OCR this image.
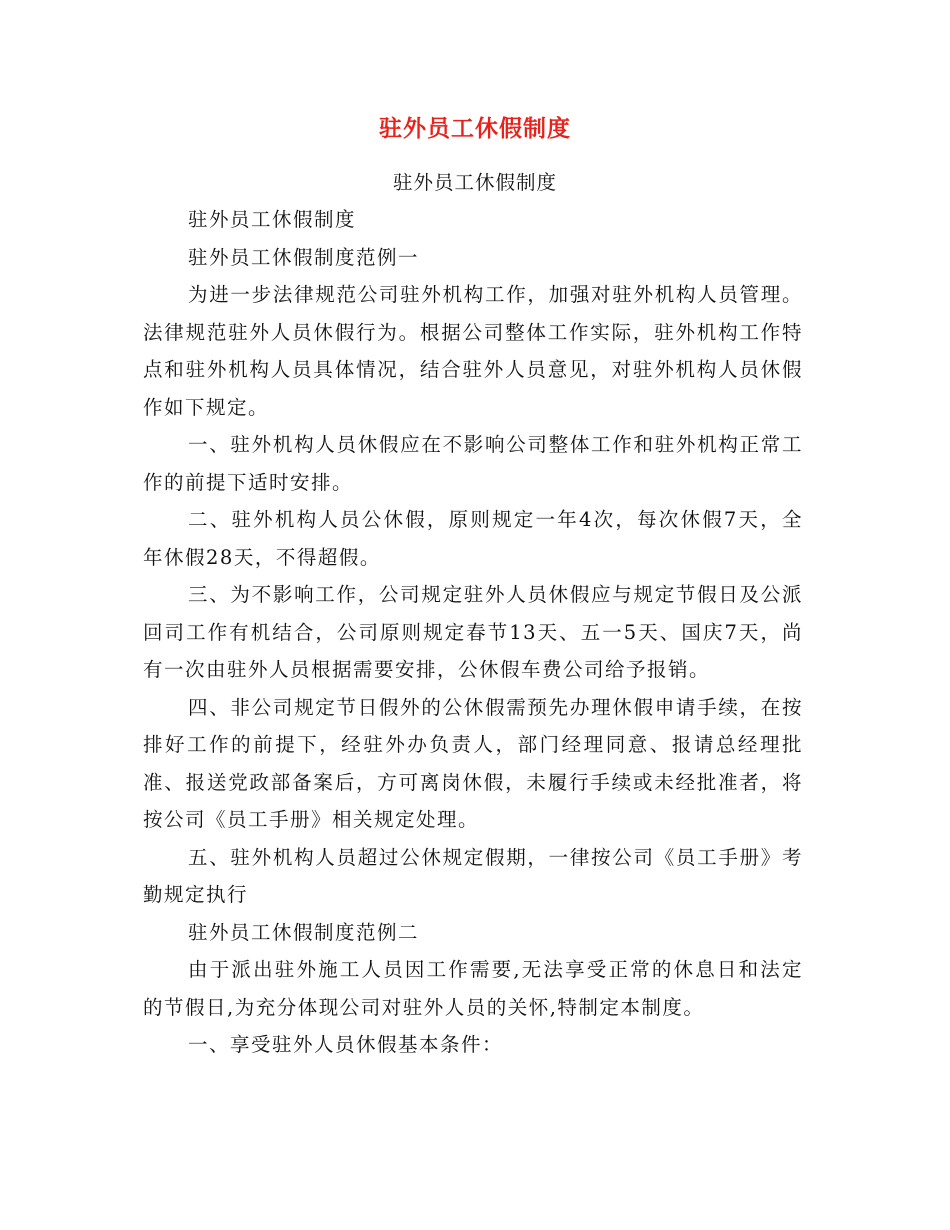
驻外员工休假制度
驻外员工休假制度

驻外员工休假制度

驻外员工休假制度范例一

为进一步法律规范公司驻外机构工作，加强对驻外机构人员管理。法律规范驻外人员休假行为。根据公司整体工作实际，驻外机构工作特点和驻外机构人员具体情况，结合驻外人员意见，对驻外机构人员休假作如下规定。

一、驻外机构人员休假应在不影响公司整体工作和驻外机构正常工作的前提下适时安排。

二、驻外机构人员公休假，原则规定一年4次，每次休假7天，全年休假28天，不得超假。

三、为不影响工作，公司规定驻外人员休假应与规定节假日及公派回司工作有机结合，公司原则规定春节13天、五一5天、国庆7天，尚有一次由驻外人员根据需要安排，公休假车费公司给予报销。

四、非公司规定节日假外的公休假需预先办理休假申请手续，在按排好工作的前提下，经驻外办负责人，部门经理同意、报请总经理批准、报送党政部备案后，方可离岗休假，未履行手续或未经批准者，将按公司《员工手册》相关规定处理。

五、驻外机构人员超过公休规定假期，一律按公司《员工手册》考勤规定执行

驻外员工休假制度范例二

由于派出驻外施工人员因工作需要,无法享受正常的休息日和法定的节假日,为充分体现公司对驻外人员的关怀,特制定本制度。

一、享受驻外人员休假基本条件：
